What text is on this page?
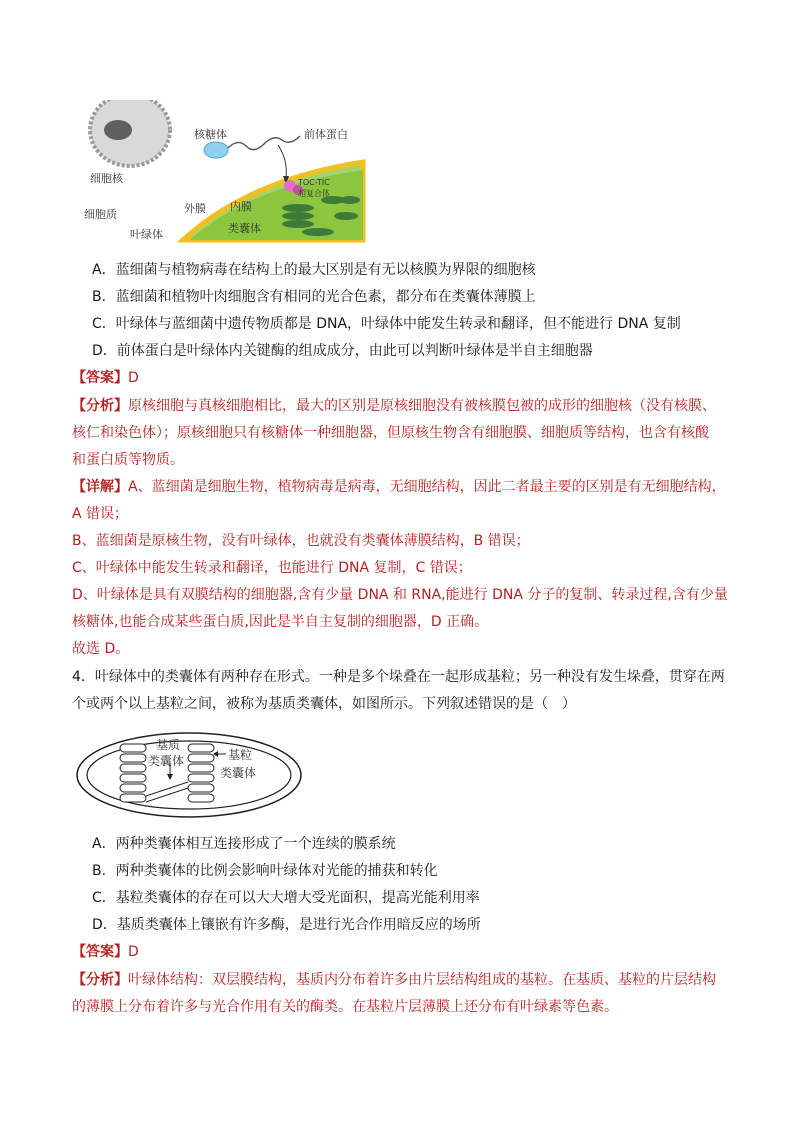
核糖体	前体蛋白
细胞核
细胞质
叶绿体
外膜 内膜
TOC-TIC
超复合体
类囊体
A．蓝细菌与植物病毒在结构上的最大区别是有无以核膜为界限的细胞核
B．蓝细菌和植物叶肉细胞含有相同的光合色素，都分布在类囊体薄膜上
C．叶绿体与蓝细菌中遗传物质都是 DNA，叶绿体中能发生转录和翻译，但不能进行 DNA 复制
D．前体蛋白是叶绿体内关键酶的组成成分，由此可以判断叶绿体是半自主细胞器
【答案】D
【分析】原核细胞与真核细胞相比，最大的区别是原核细胞没有被核膜包被的成形的细胞核（没有核膜、
核仁和染色体）；原核细胞只有核糖体一种细胞器，但原核生物含有细胞膜、细胞质等结构，也含有核酸
和蛋白质等物质。
【详解】A、蓝细菌是细胞生物，植物病毒是病毒，无细胞结构，因此二者最主要的区别是有无细胞结构，
A 错误；
B、蓝细菌是原核生物，没有叶绿体，也就没有类囊体薄膜结构，B 错误；
C、叶绿体中能发生转录和翻译，也能进行 DNA 复制，C 错误；
D、叶绿体是具有双膜结构的细胞器,含有少量 DNA 和 RNA,能进行 DNA 分子的复制、转录过程,含有少量
核糖体,也能合成某些蛋白质,因此是半自主复制的细胞器，D 正确。
故选 D。
4．叶绿体中的类囊体有两种存在形式。一种是多个垛叠在一起形成基粒；另一种没有发生垛叠，贯穿在两
个或两个以上基粒之间，被称为基质类囊体，如图所示。下列叙述错误的是（　）
基质
类囊体	基粒
类囊体
A．两种类囊体相互连接形成了一个连续的膜系统
B．两种类囊体的比例会影响叶绿体对光能的捕获和转化
C．基粒类囊体的存在可以大大增大受光面积，提高光能利用率
D．基质类囊体上镶嵌有许多酶，是进行光合作用暗反应的场所
【答案】D
【分析】叶绿体结构：双层膜结构，基质内分布着许多由片层结构组成的基粒。在基质、基粒的片层结构
的薄膜上分布着许多与光合作用有关的酶类。在基粒片层薄膜上还分布有叶绿素等色素。
